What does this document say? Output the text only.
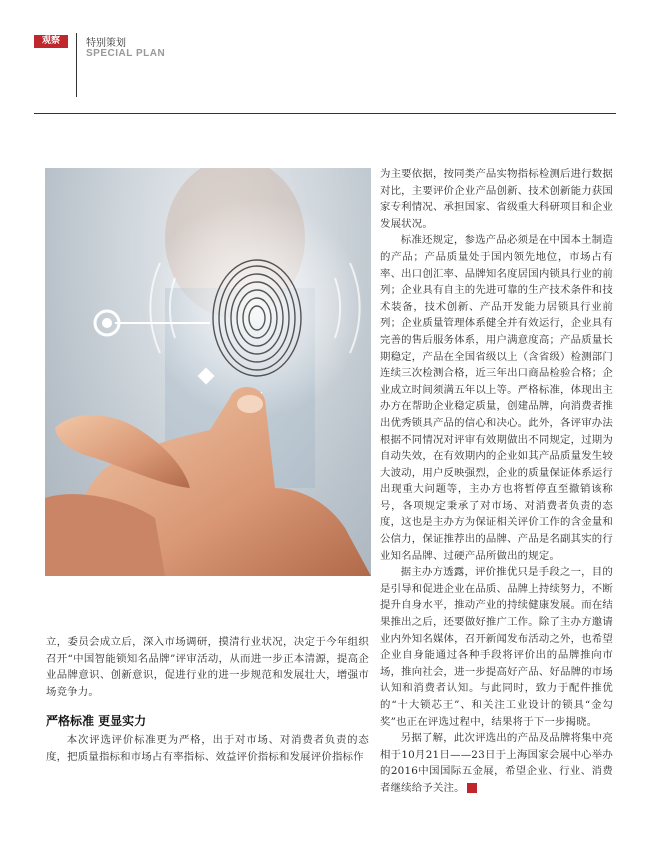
观察	特别策划
SPECIAL PLAN

为主要依据，按同类产品实物指标检测后进行数据对比，主要评价企业产品创新、技术创新能力获国家专利情况、承担国家、省级重大科研项目和企业发展状况。

标准还规定，参选产品必须是在中国本土制造的产品；产品质量处于国内领先地位，市场占有率、出口创汇率、品牌知名度居国内锁具行业的前列；企业具有自主的先进可靠的生产技术条件和技术装备，技术创新、产品开发能力居锁具行业前列；企业质量管理体系健全并有效运行，企业具有完善的售后服务体系，用户满意度高；产品质量长期稳定，产品在全国省级以上（含省级）检测部门连续三次检测合格，近三年出口商品检验合格；企业成立时间须满五年以上等。严格标准，体现出主办方在帮助企业稳定质量，创建品牌，向消费者推出优秀锁具产品的信心和决心。此外，各评审办法根据不同情况对评审有效期做出不同规定，过期为自动失效，在有效期内的企业如其产品质量发生较大波动，用户反映强烈，企业的质量保证体系运行出现重大问题等，主办方也将暂停直至撤销该称号，各项规定秉承了对市场、对消费者负责的态度，这也是主办方为保证相关评价工作的含金量和公信力，保证推荐出的品牌、产品是名副其实的行业知名品牌、过硬产品所做出的规定。

据主办方透露，评价推优只是手段之一，目的是引导和促进企业在品质、品牌上持续努力，不断提升自身水平，推动产业的持续健康发展。而在结果推出之后，还要做好推广工作。除了主办方邀请业内外知名媒体，召开新闻发布活动之外，也希望企业自身能通过各种手段将评价出的品牌推向市场，推向社会，进一步提高好产品、好品牌的市场认知和消费者认知。与此同时，致力于配件推优的“十大锁芯王”、和关注工业设计的锁具“金勾奖”也正在评选过程中，结果将于下一步揭晓。

另据了解，此次评选出的产品及品牌将集中亮相于10月21日——23日于上海国家会展中心举办的2016中国国际五金展，希望企业、行业、消费者继续给予关注。	图

立，委员会成立后，深入市场调研，摸清行业状况，决定于今年组织召开“中国智能锁知名品牌”评审活动，从而进一步正本清源，提高企业品牌意识、创新意识，促进行业的进一步规范和发展壮大，增强市场竞争力。

严格标准 更显实力

本次评选评价标准更为严格，出于对市场、对消费者负责的态度，把质量指标和市场占有率指标、效益评价指标和发展评价指标作
